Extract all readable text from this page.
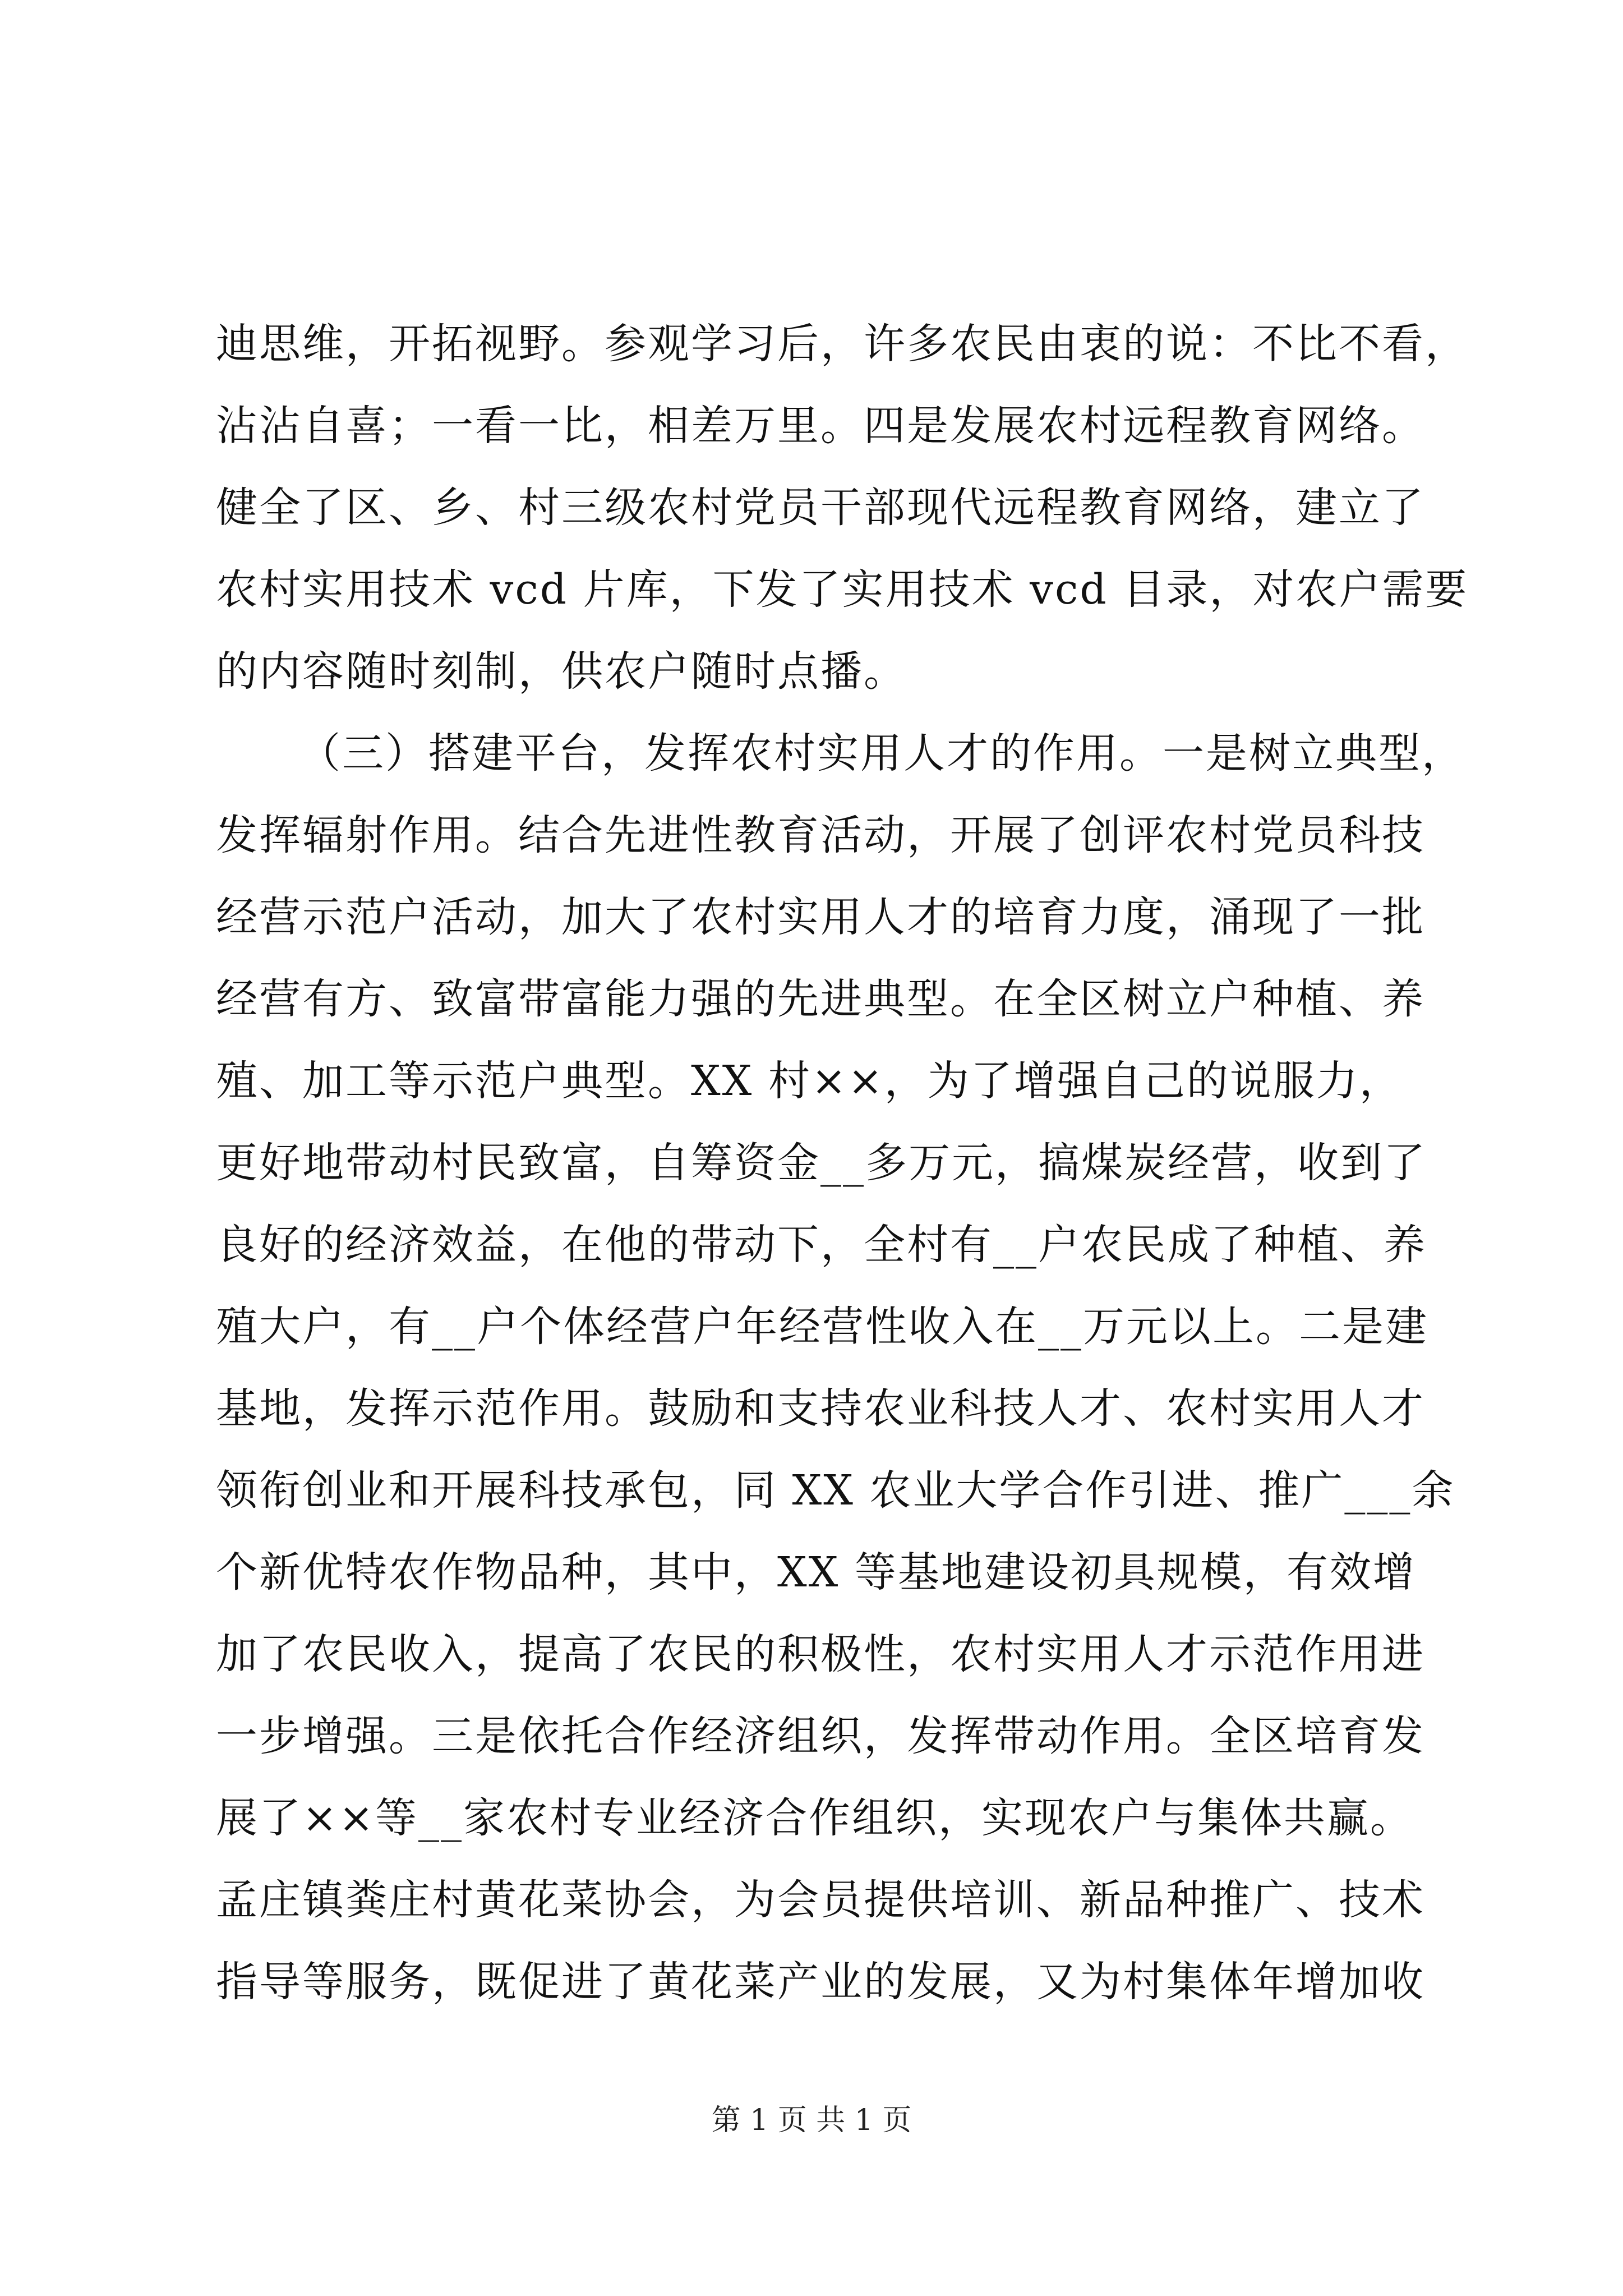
迪思维，开拓视野。参观学习后，许多农民由衷的说：不比不看，
沾沾自喜；一看一比，相差万里。四是发展农村远程教育网络。
健全了区、乡、村三级农村党员干部现代远程教育网络，建立了
农村实用技术 vcd 片库，下发了实用技术 vcd 目录，对农户需要
的内容随时刻制，供农户随时点播。
（三）搭建平台，发挥农村实用人才的作用。一是树立典型，
发挥辐射作用。结合先进性教育活动，开展了创评农村党员科技
经营示范户活动，加大了农村实用人才的培育力度，涌现了一批
经营有方、致富带富能力强的先进典型。在全区树立户种植、养
殖、加工等示范户典型。XX 村××，为了增强自己的说服力，
更好地带动村民致富，自筹资金__多万元，搞煤炭经营，收到了
良好的经济效益，在他的带动下，全村有__户农民成了种植、养
殖大户，有__户个体经营户年经营性收入在__万元以上。二是建
基地，发挥示范作用。鼓励和支持农业科技人才、农村实用人才
领衔创业和开展科技承包，同 XX 农业大学合作引进、推广___余
个新优特农作物品种，其中，XX 等基地建设初具规模，有效增
加了农民收入，提高了农民的积极性，农村实用人才示范作用进
一步增强。三是依托合作经济组织，发挥带动作用。全区培育发
展了××等__家农村专业经济合作组织，实现农户与集体共赢。
孟庄镇粪庄村黄花菜协会，为会员提供培训、新品种推广、技术
指导等服务，既促进了黄花菜产业的发展，又为村集体年增加收
第 1 页 共 1 页
